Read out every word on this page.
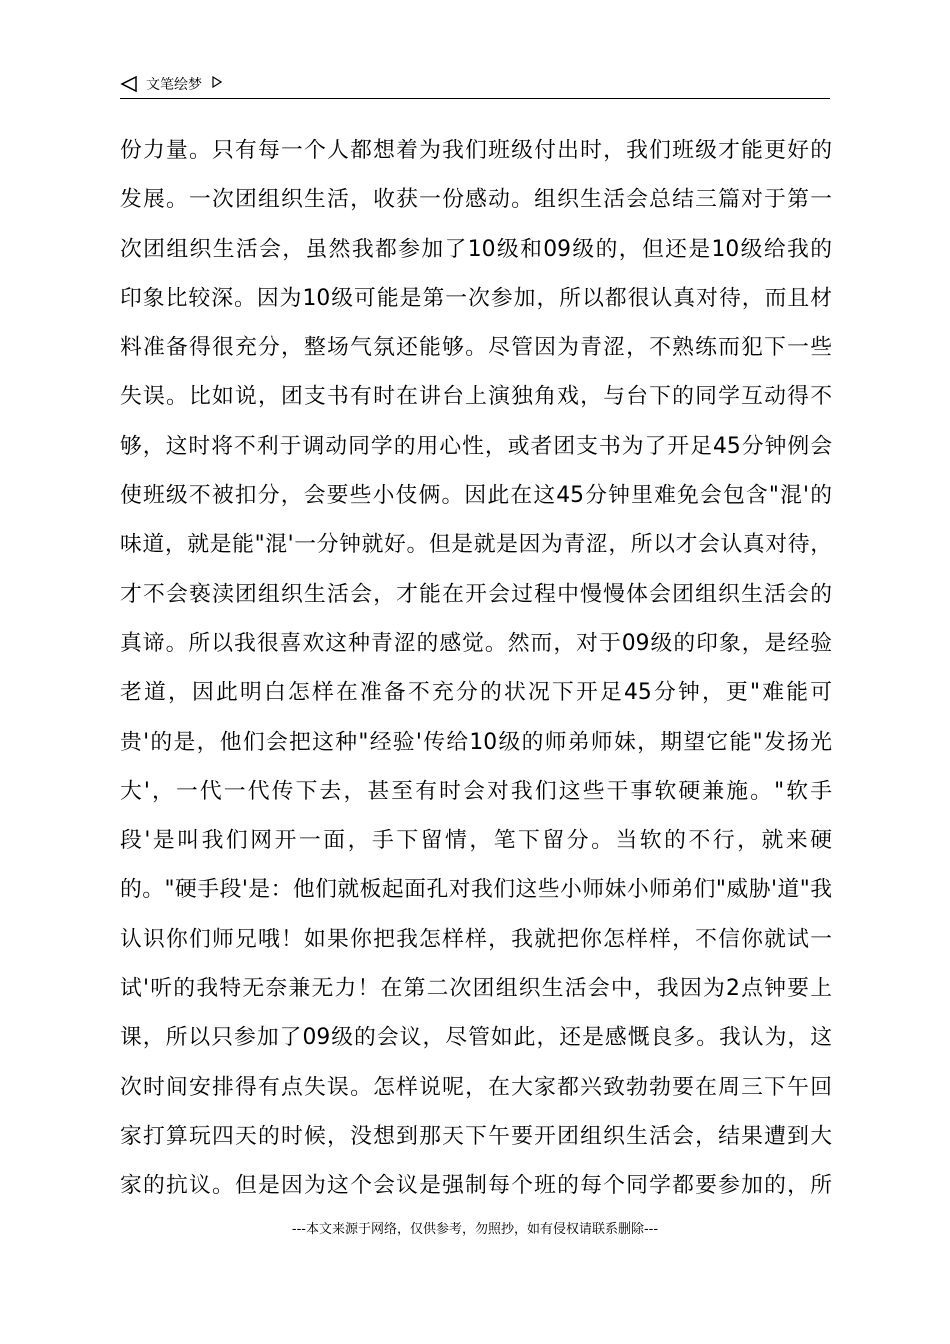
文笔绘梦
份力量。只有每一个人都想着为我们班级付出时，我们班级才能更好的
发展。一次团组织生活，收获一份感动。组织生活会总结三篇对于第一
次团组织生活会，虽然我都参加了10级和09级的，但还是10级给我的
印象比较深。因为10级可能是第一次参加，所以都很认真对待，而且材
料准备得很充分，整场气氛还能够。尽管因为青涩，不熟练而犯下一些
失误。比如说，团支书有时在讲台上演独角戏，与台下的同学互动得不
够，这时将不利于调动同学的用心性，或者团支书为了开足45分钟例会
使班级不被扣分，会要些小伎俩。因此在这45分钟里难免会包含"混'的
味道，就是能"混'一分钟就好。但是就是因为青涩，所以才会认真对待，
才不会亵渎团组织生活会，才能在开会过程中慢慢体会团组织生活会的
真谛。所以我很喜欢这种青涩的感觉。然而，对于09级的印象，是经验
老道，因此明白怎样在准备不充分的状况下开足45分钟，更"难能可
贵'的是，他们会把这种"经验'传给10级的师弟师妹，期望它能"发扬光
大'，一代一代传下去，甚至有时会对我们这些干事软硬兼施。"软手
段'是叫我们网开一面，手下留情，笔下留分。当软的不行，就来硬
的。"硬手段'是：他们就板起面孔对我们这些小师妹小师弟们"威胁'道"我
认识你们师兄哦！如果你把我怎样样，我就把你怎样样，不信你就试一
试'听的我特无奈兼无力！在第二次团组织生活会中，我因为2点钟要上
课，所以只参加了09级的会议，尽管如此，还是感慨良多。我认为，这
次时间安排得有点失误。怎样说呢，在大家都兴致勃勃要在周三下午回
家打算玩四天的时候，没想到那天下午要开团组织生活会，结果遭到大
家的抗议。但是因为这个会议是强制每个班的每个同学都要参加的，所
---本文来源于网络，仅供参考，勿照抄，如有侵权请联系删除---
